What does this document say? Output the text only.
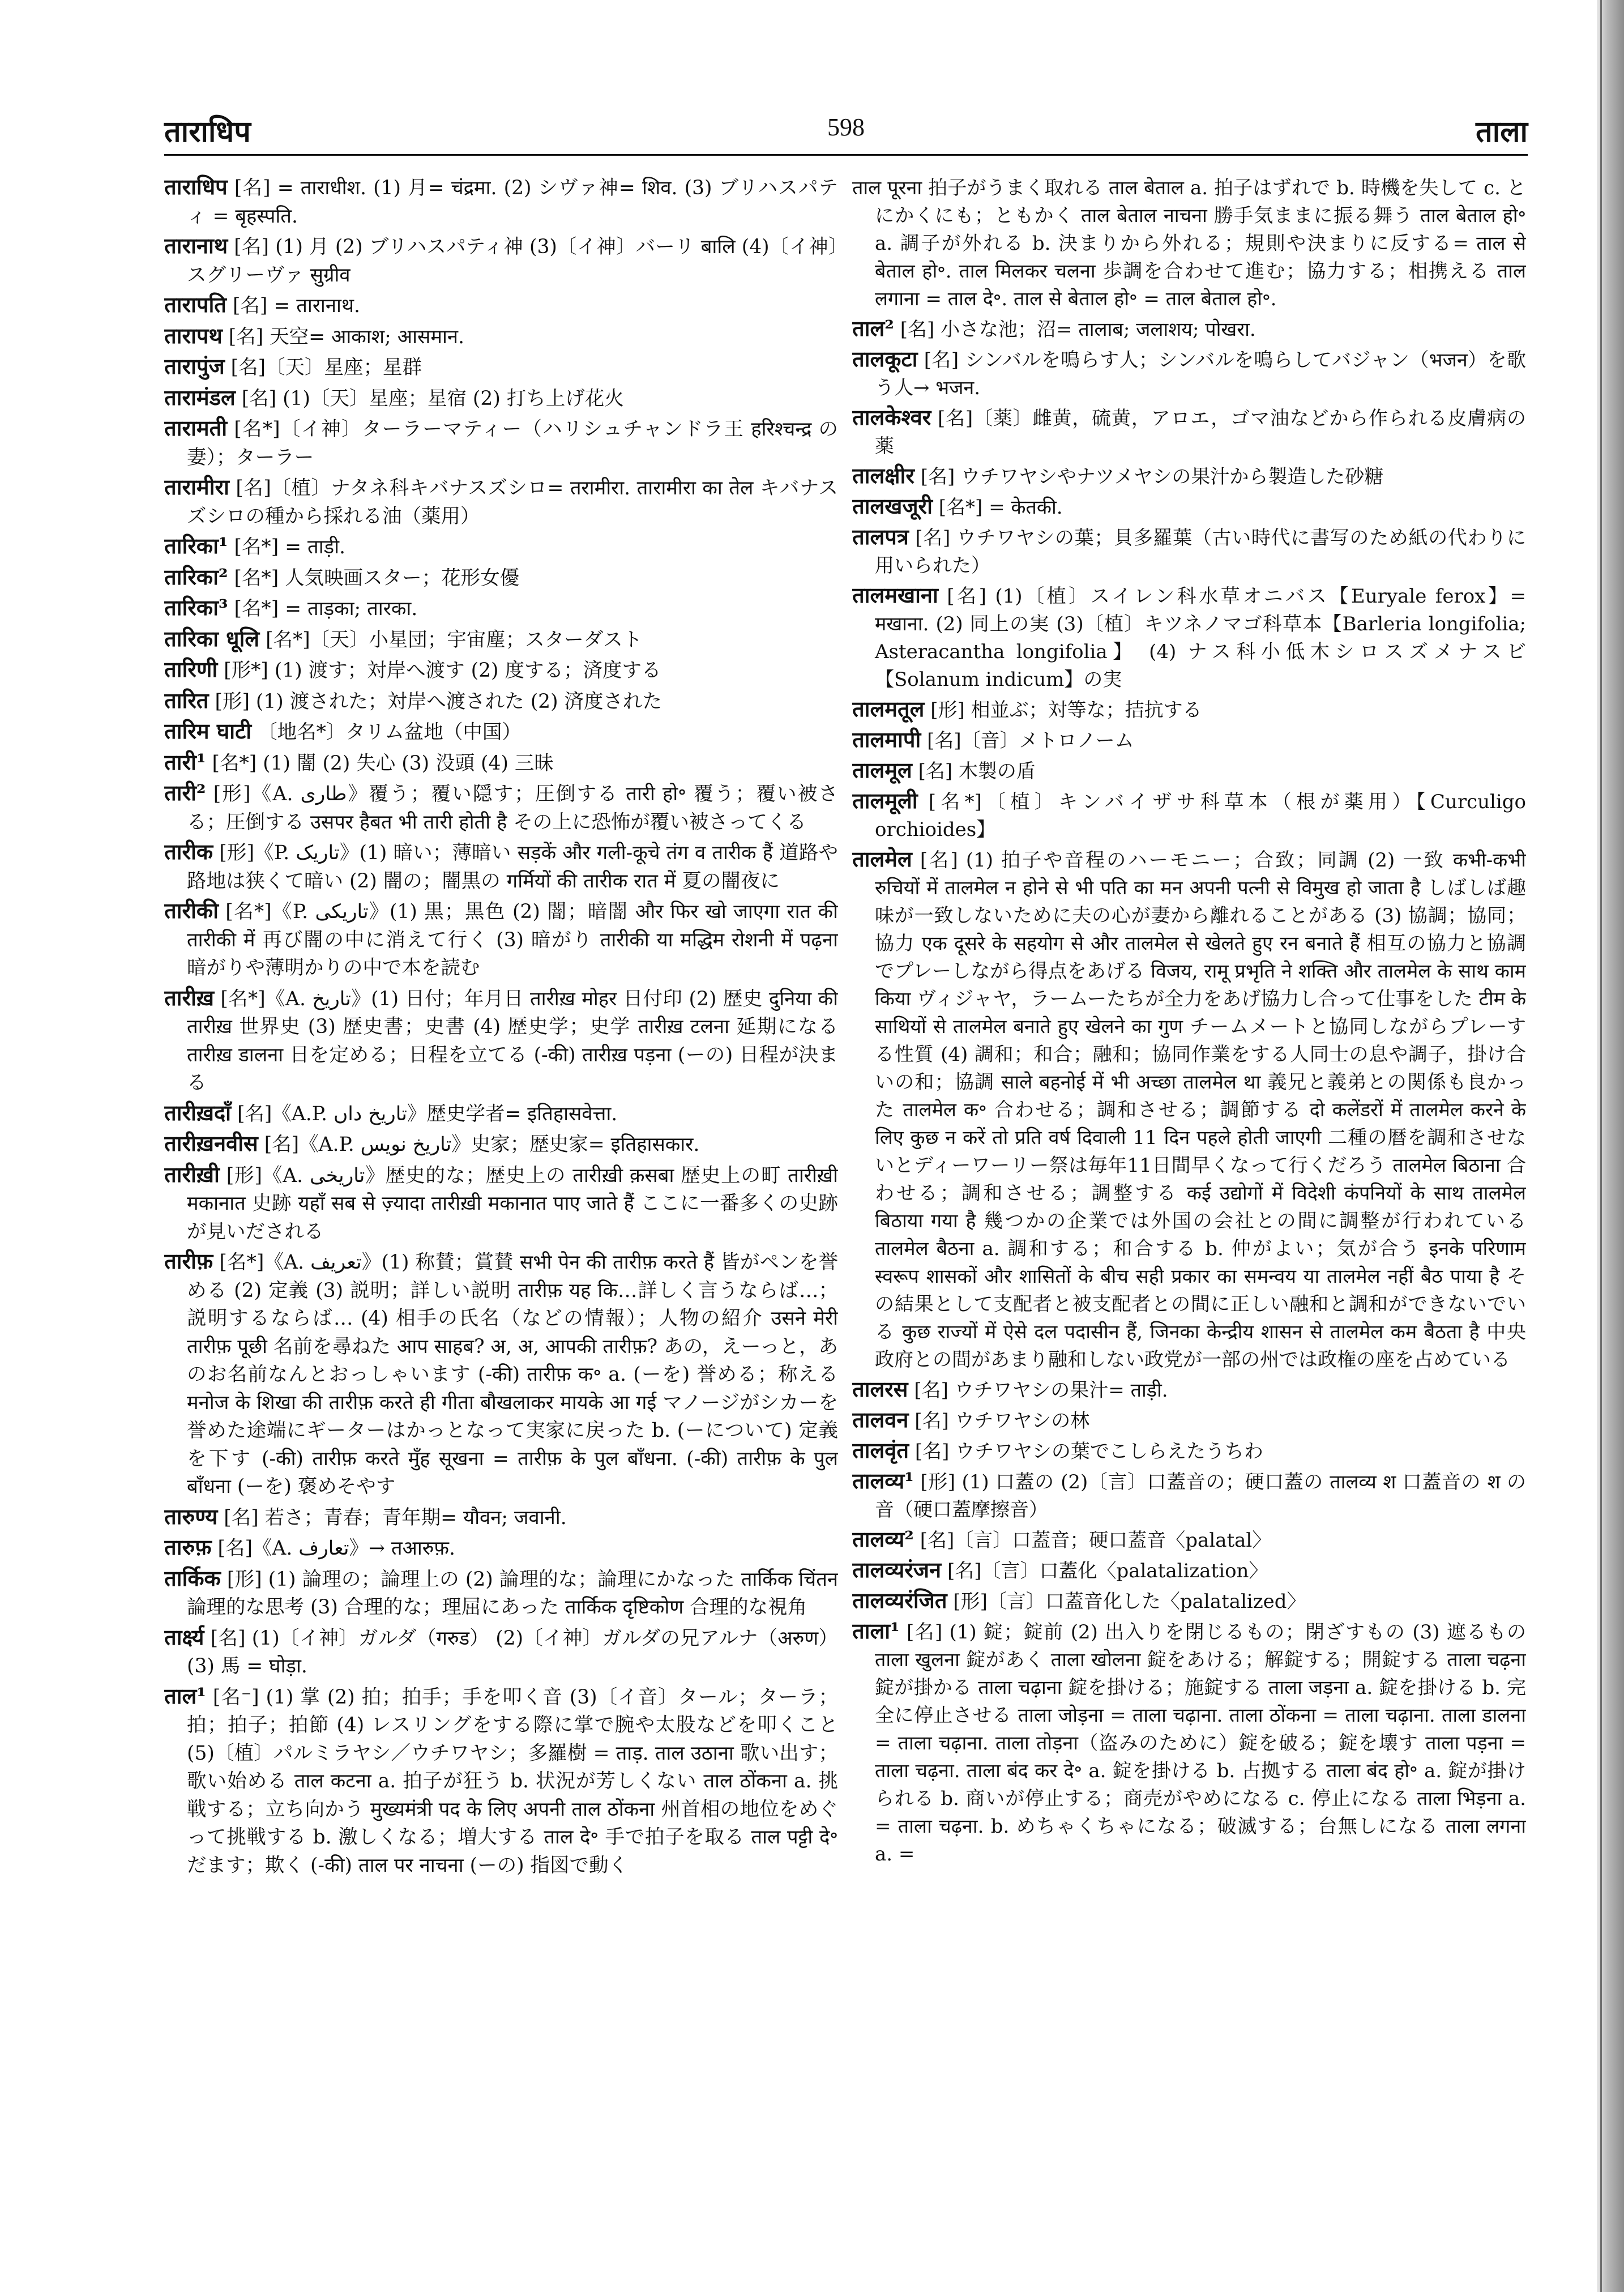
ताराधिप	598	ताला

ताराधिप [名] = ताराधीश. (1) 月= चंद्रमा. (2) シヴァ神= शिव. (3) ブリハスパティ = बृहस्पति.

तारानाथ [名] (1) 月 (2) ブリハスパティ神 (3)〔イ神〕バーリ बालि (4)〔イ神〕スグリーヴァ सुग्रीव

तारापति [名] = तारानाथ.

तारापथ [名] 天空= आकाश; आसमान.

तारापुंज [名]〔天〕星座；星群

तारामंडल [名] (1)〔天〕星座；星宿 (2) 打ち上げ花火

तारामती [名*]〔イ神〕ターラーマティー（ハリシュチャンドラ王 हरिश्चन्द्र の妻）；ターラー

तारामीरा [名]〔植〕ナタネ科キバナスズシロ= तरामीरा. तारामीरा का तेल キバナスズシロの種から採れる油（薬用）

तारिका¹ [名*] = ताड़ी.

तारिका² [名*] 人気映画スター；花形女優

तारिका³ [名*] = ताड़का; तारका.

तारिका धूलि [名*]〔天〕小星団；宇宙塵；スターダスト

तारिणी [形*] (1) 渡す；対岸へ渡す (2) 度する；済度する

तारित [形] (1) 渡された；対岸へ渡された (2) 済度された

तारिम घाटी 〔地名*〕タリム盆地（中国）

तारी¹ [名*] (1) 闇 (2) 失心 (3) 没頭 (4) 三昧

तारी² [形]《A. طاری》覆う；覆い隠す；圧倒する तारी हो॰ 覆う；覆い被さる；圧倒する उसपर हैबत भी तारी होती है その上に恐怖が覆い被さってくる

तारीक [形]《P. تاریک》(1) 暗い；薄暗い सड़कें और गली-कूचे तंग व तारीक हैं 道路や路地は狭くて暗い (2) 闇の；闇黒の गर्मियों की तारीक रात में 夏の闇夜に

तारीकी [名*]《P. تاریکی》(1) 黒；黒色 (2) 闇；暗闇 और फिर खो जाएगा रात की तारीकी में 再び闇の中に消えて行く (3) 暗がり तारीकी या मद्धिम रोशनी में पढ़ना 暗がりや薄明かりの中で本を読む

तारीख़ [名*]《A. تاریخ》(1) 日付；年月日 तारीख़ मोहर 日付印 (2) 歴史 दुनिया की तारीख़ 世界史 (3) 歴史書；史書 (4) 歴史学；史学 तारीख़ टलना 延期になる तारीख़ डालना 日を定める；日程を立てる (-की) तारीख़ पड़ना (ーの) 日程が決まる

तारीख़दाँ [名]《A.P. تاریخ داں》歴史学者= इतिहासवेत्ता.

तारीख़नवीस [名]《A.P. تاریخ نویس》史家；歴史家= इतिहासकार.

तारीख़ी [形]《A. تاریخی》歴史的な；歴史上の तारीख़ी क़सबा 歴史上の町 तारीख़ी मकानात 史跡 यहाँ सब से ज़्यादा तारीख़ी मकानात पाए जाते हैं ここに一番多くの史跡が見いだされる

तारीफ़ [名*]《A. تعریف》(1) 称賛；賞賛 सभी पेन की तारीफ़ करते हैं 皆がペンを誉める (2) 定義 (3) 説明；詳しい説明 तारीफ़ यह कि…詳しく言うならば…；説明するならば… (4) 相手の氏名（などの情報）；人物の紹介 उसने मेरी तारीफ़ पूछी 名前を尋ねた आप साहब? अ, अ, आपकी तारीफ़? あの，えーっと，あのお名前なんとおっしゃいます (-की) तारीफ़ क॰ a. (ーを) 誉める；称える मनोज के शिखा की तारीफ़ करते ही गीता बौखलाकर मायके आ गई マノージがシカーを誉めた途端にギーターはかっとなって実家に戻った b. (ーについて) 定義を下す (-की) तारीफ़ करते मुँह सूखना = तारीफ़ के पुल बाँधना. (-की) तारीफ़ के पुल बाँधना (ーを) 褒めそやす

तारुण्य [名] 若さ；青春；青年期= यौवन; जवानी.

तारुफ़ [名]《A. تعارف》→ तआरुफ़.

तार्किक [形] (1) 論理の；論理上の (2) 論理的な；論理にかなった तार्किक चिंतन 論理的な思考 (3) 合理的な；理屈にあった तार्किक दृष्टिकोण 合理的な視角

तार्क्ष्य [名] (1)〔イ神〕ガルダ（गरुड） (2)〔イ神〕ガルダの兄アルナ（अरुण） (3) 馬 = घोड़ा.

ताल¹ [名⁻] (1) 掌 (2) 拍；拍手；手を叩く音 (3)〔イ音〕タール；ターラ；拍；拍子；拍節 (4) レスリングをする際に掌で腕や太股などを叩くこと (5)〔植〕パルミラヤシ／ウチワヤシ；多羅樹 = ताड़. ताल उठाना 歌い出す；歌い始める ताल कटना a. 拍子が狂う b. 状況が芳しくない ताल ठोंकना a. 挑戦する；立ち向かう मुख्यमंत्री पद के लिए अपनी ताल ठोंकना 州首相の地位をめぐって挑戦する b. 激しくなる；増大する ताल दे॰ 手で拍子を取る ताल पट्टी दे॰ だます；欺く (-की) ताल पर नाचना (ーの) 指図で動く

ताल पूरना 拍子がうまく取れる ताल बेताल a. 拍子はずれで b. 時機を失して c. とにかくにも；ともかく ताल बेताल नाचना 勝手気ままに振る舞う ताल बेताल हो॰ a. 調子が外れる b. 決まりから外れる；規則や決まりに反する= ताल से बेताल हो॰. ताल मिलकर चलना 歩調を合わせて進む；協力する；相携える ताल लगाना = ताल दे॰. ताल से बेताल हो॰ = ताल बेताल हो॰.

ताल² [名] 小さな池；沼= तालाब; जलाशय; पोखरा.

तालकूटा [名] シンバルを鳴らす人；シンバルを鳴らしてバジャン（भजन）を歌う人→ भजन.

तालकेश्वर [名]〔薬〕雌黄，硫黄，アロエ，ゴマ油などから作られる皮膚病の薬

तालक्षीर [名] ウチワヤシやナツメヤシの果汁から製造した砂糖

तालखजूरी [名*] = केतकी.

तालपत्र [名] ウチワヤシの葉；貝多羅葉（古い時代に書写のため紙の代わりに用いられた）

तालमखाना [名] (1)〔植〕スイレン科水草オニバス【Euryale ferox】= मखाना. (2) 同上の実 (3)〔植〕キツネノマゴ科草本【Barleria longifolia; Asteracantha longifolia】 (4) ナス科小低木シロスズメナスビ【Solanum indicum】の実

तालमतूल [形] 相並ぶ；対等な；拮抗する

तालमापी [名]〔音〕メトロノーム

तालमूल [名] 木製の盾

तालमूली [名*]〔植〕キンバイザサ科草本（根が薬用）【Curculigo orchioides】

तालमेल [名] (1) 拍子や音程のハーモニー；合致；同調 (2) 一致 कभी-कभी रुचियों में तालमेल न होने से भी पति का मन अपनी पत्नी से विमुख हो जाता है しばしば趣味が一致しないために夫の心が妻から離れることがある (3) 協調；協同；協力 एक दूसरे के सहयोग से और तालमेल से खेलते हुए रन बनाते हैं 相互の協力と協調でプレーしながら得点をあげる विजय, रामू प्रभृति ने शक्ति और तालमेल के साथ काम किया ヴィジャヤ，ラームーたちが全力をあげ協力し合って仕事をした टीम के साथियों से तालमेल बनाते हुए खेलने का गुण チームメートと協同しながらプレーする性質 (4) 調和；和合；融和；協同作業をする人同士の息や調子，掛け合いの和；協調 साले बहनोई में भी अच्छा तालमेल था 義兄と義弟との関係も良かった तालमेल क॰ 合わせる；調和させる；調節する दो कलेंडरों में तालमेल करने के लिए कुछ न करें तो प्रति वर्ष दिवाली 11 दिन पहले होती जाएगी 二種の暦を調和させないとディーワーリー祭は毎年11日間早くなって行くだろう तालमेल बिठाना 合わせる；調和させる；調整する कई उद्योगों में विदेशी कंपनियों के साथ तालमेल बिठाया गया है 幾つかの企業では外国の会社との間に調整が行われている तालमेल बैठना a. 調和する；和合する b. 仲がよい；気が合う इनके परिणाम स्वरूप शासकों और शासितों के बीच सही प्रकार का समन्वय या तालमेल नहीं बैठ पाया है その結果として支配者と被支配者との間に正しい融和と調和ができないでいる कुछ राज्यों में ऐसे दल पदासीन हैं, जिनका केन्द्रीय शासन से तालमेल कम बैठता है 中央政府との間があまり融和しない政党が一部の州では政権の座を占めている

तालरस [名] ウチワヤシの果汁= ताड़ी.

तालवन [名] ウチワヤシの林

तालवृंत [名] ウチワヤシの葉でこしらえたうちわ

तालव्य¹ [形] (1) 口蓋の (2)〔言〕口蓋音の；硬口蓋の तालव्य श 口蓋音の श の音（硬口蓋摩擦音）

तालव्य² [名]〔言〕口蓋音；硬口蓋音〈palatal〉

तालव्यरंजन [名]〔言〕口蓋化〈palatalization〉

तालव्यरंजित [形]〔言〕口蓋音化した〈palatalized〉

ताला¹ [名] (1) 錠；錠前 (2) 出入りを閉じるもの；閉ざすもの (3) 遮るもの ताला खुलना 錠があく ताला खोलना 錠をあける；解錠する；開錠する ताला चढ़ना 錠が掛かる ताला चढ़ाना 錠を掛ける；施錠する ताला जड़ना a. 錠を掛ける b. 完全に停止させる ताला जोड़ना = ताला चढ़ाना. ताला ठोंकना = ताला चढ़ाना. ताला डालना = ताला चढ़ाना. ताला तोड़ना（盗みのために）錠を破る；錠を壊す ताला पड़ना = ताला चढ़ना. ताला बंद कर दे॰ a. 錠を掛ける b. 占拠する ताला बंद हो॰ a. 錠が掛けられる b. 商いが停止する；商売がやめになる c. 停止になる ताला भिड़ना a. = ताला चढ़ना. b. めちゃくちゃになる；破滅する；台無しになる ताला लगना a. =
